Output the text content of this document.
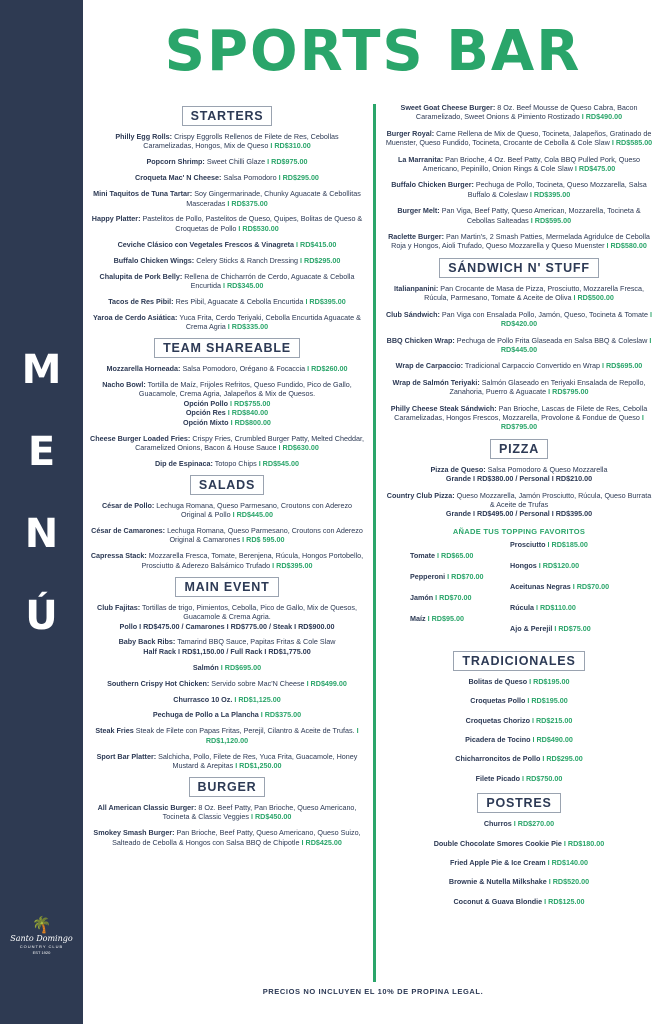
M
E
N
Ú
🌴
Santo Domingo
COUNTRY CLUB
EST 1920
SPORTS BAR
STARTERS
Philly Egg Rolls: Crispy Eggrolls Rellenos de Filete de Res, Cebollas Caramelizadas, Hongos, Mix de Queso I RD$310.00
Popcorn Shrimp: Sweet Chilli Glaze I RD$975.00
Croqueta Mac' N Cheese: Salsa Pomodoro I RD$295.00
Mini Taquitos de Tuna Tartar: Soy Gingermarinade, Chunky Aguacate & Cebollitas Masceradas I RD$375.00
Happy Platter: Pastelitos de Pollo, Pastelitos de Queso, Quipes, Bolitas de Queso & Croquetas de Pollo I RD$530.00
Ceviche Clásico con Vegetales Frescos & Vinagreta I RD$415.00
Buffalo Chicken Wings: Celery Sticks & Ranch Dressing I RD$295.00
Chalupita de Pork Belly: Rellena de Chicharrón de Cerdo, Aguacate & Cebolla Encurtida I RD$345.00
Tacos de Res Pibil: Res Pibil, Aguacate & Cebolla Encurtida I RD$395.00
Yaroa de Cerdo Asiática: Yuca Frita, Cerdo Teriyaki, Cebolla Encurtida Aguacate & Crema Agria I RD$335.00
TEAM SHAREABLE
Mozzarella Horneada: Salsa Pomodoro, Orégano & Focaccia I RD$260.00
Nacho Bowl: Tortilla de Maíz, Frijoles Refritos, Queso Fundido, Pico de Gallo, Guacamole, Crema Agria, Jalapeños & Mix de Quesos.
Opción Pollo I RD$755.00
Opción Res I RD$840.00
Opción Mixto I RD$800.00
Cheese Burger Loaded Fries: Crispy Fries, Crumbled Burger Patty, Melted Cheddar, Caramelized Onions, Bacon & House Sauce I RD$630.00
Dip de Espinaca: Totopo Chips I RD$545.00
SALADS
César de Pollo: Lechuga Romana, Queso Parmesano, Croutons con Aderezo Original & Pollo I RD$445.00
César de Camarones: Lechuga Romana, Queso Parmesano, Croutons con Aderezo Original & Camarones I RD$ 595.00
Capressa Stack: Mozzarella Fresca, Tomate, Berenjena, Rúcula, Hongos Portobello, Prosciutto & Aderezo Balsámico Trufado I RD$395.00
MAIN EVENT
Club Fajitas: Tortillas de trigo, Pimientos, Cebolla, Pico de Gallo, Mix de Quesos, Guacamole & Crema Agria.
Pollo I RD$475.00 / Camarones I RD$775.00 / Steak I RD$900.00
Baby Back Ribs: Tamarind BBQ Sauce, Papitas Fritas & Cole Slaw
Half Rack I RD$1,150.00 / Full Rack I RD$1,775.00
Salmón I RD$695.00
Southern Crispy Hot Chicken: Servido sobre Mac'N Cheese I RD$499.00
Churrasco 10 Oz. I RD$1,125.00
Pechuga de Pollo a La Plancha I RD$375.00
Steak Fries Steak de Filete con Papas Fritas, Perejil, Cilantro & Aceite de Trufas. I RD$1,120.00
Sport Bar Platter: Salchicha, Pollo, Filete de Res, Yuca Frita, Guacamole, Honey Mustard & Arepitas I RD$1,250.00
BURGER
All American Classic Burger: 8 Oz. Beef Patty, Pan Brioche, Queso Americano, Tocineta & Classic Veggies I RD$450.00
Smokey Smash Burger: Pan Brioche, Beef Patty, Queso Americano, Queso Suizo, Salteado de Cebolla & Hongos con Salsa BBQ de Chipotle I RD$425.00
Sweet Goat Cheese Burger: 8 Oz. Beef Mousse de Queso Cabra, Bacon Caramelizado, Sweet Onions & Pimiento Rostizado I RD$490.00
Burger Royal: Carne Rellena de Mix de Queso, Tocineta, Jalapeños, Gratinado de Muenster, Queso Fundido, Tocineta, Crocante de Cebolla & Cole Slaw I RD$585.00
La Marranita: Pan Brioche, 4 Oz. Beef Patty, Cola BBQ Pulled Pork, Queso Americano, Pepinillo, Onion Rings & Cole Slaw I RD$475.00
Buffalo Chicken Burger: Pechuga de Pollo, Tocineta, Queso Mozzarella, Salsa Buffalo & Coleslaw I RD$395.00
Burger Melt: Pan Viga, Beef Patty, Queso American, Mozzarella, Tocineta & Cebollas Salteadas I RD$595.00
Raclette Burger: Pan Martin's, 2 Smash Patties, Mermelada Agridulce de Cebolla Roja y Hongos, Aioli Trufado, Queso Mozzarella y Queso Muenster I RD$580.00
SÁNDWICH N' STUFF
Italianpanini: Pan Crocante de Masa de Pizza, Prosciutto, Mozzarella Fresca, Rúcula, Parmesano, Tomate & Aceite de Oliva I RD$500.00
Club Sándwich: Pan Viga con Ensalada Pollo, Jamón, Queso, Tocineta & Tomate I RD$420.00
BBQ Chicken Wrap: Pechuga de Pollo Frita Glaseada en Salsa BBQ & Coleslaw I RD$445.00
Wrap de Carpaccio: Tradicional Carpaccio Convertido en Wrap I RD$695.00
Wrap de Salmón Teriyaki: Salmón Glaseado en Teriyaki Ensalada de Repollo, Zanahoria, Puerro & Aguacate I RD$795.00
Philly Cheese Steak Sándwich: Pan Brioche, Lascas de Filete de Res, Cebolla Caramelizadas, Hongos Frescos, Mozzarella, Provolone & Fondue de Queso I RD$795.00
PIZZA
Pizza de Queso: Salsa Pomodoro & Queso Mozzarella
Grande I RD$380.00 / Personal I RD$210.00
Country Club Pizza: Queso Mozzarella, Jamón Prosciutto, Rúcula, Queso Burrata & Aceite de Trufas
Grande I RD$495.00 / Personal I RD$395.00
AÑADE TUS TOPPING FAVORITOS
Tomate I RD$65.00
Pepperoni I RD$70.00
Jamón I RD$70.00
Maíz I RD$95.00
Prosciutto I RD$185.00
Hongos I RD$120.00
Aceitunas Negras I RD$70.00
Rúcula I RD$110.00
Ajo & Perejil I RD$75.00
TRADICIONALES
Bolitas de Queso I RD$195.00
Croquetas Pollo I RD$195.00
Croquetas Chorizo I RD$215.00
Picadera de Tocino I RD$490.00
Chicharroncitos de Pollo I RD$295.00
Filete Picado I RD$750.00
POSTRES
Churros I RD$270.00
Double Chocolate Smores Cookie Pie I RD$180.00
Fried Apple Pie & Ice Cream I RD$140.00
Brownie & Nutella Milkshake I RD$520.00
Coconut & Guava Blondie I RD$125.00
PRECIOS NO INCLUYEN EL 10% DE PROPINA LEGAL.
